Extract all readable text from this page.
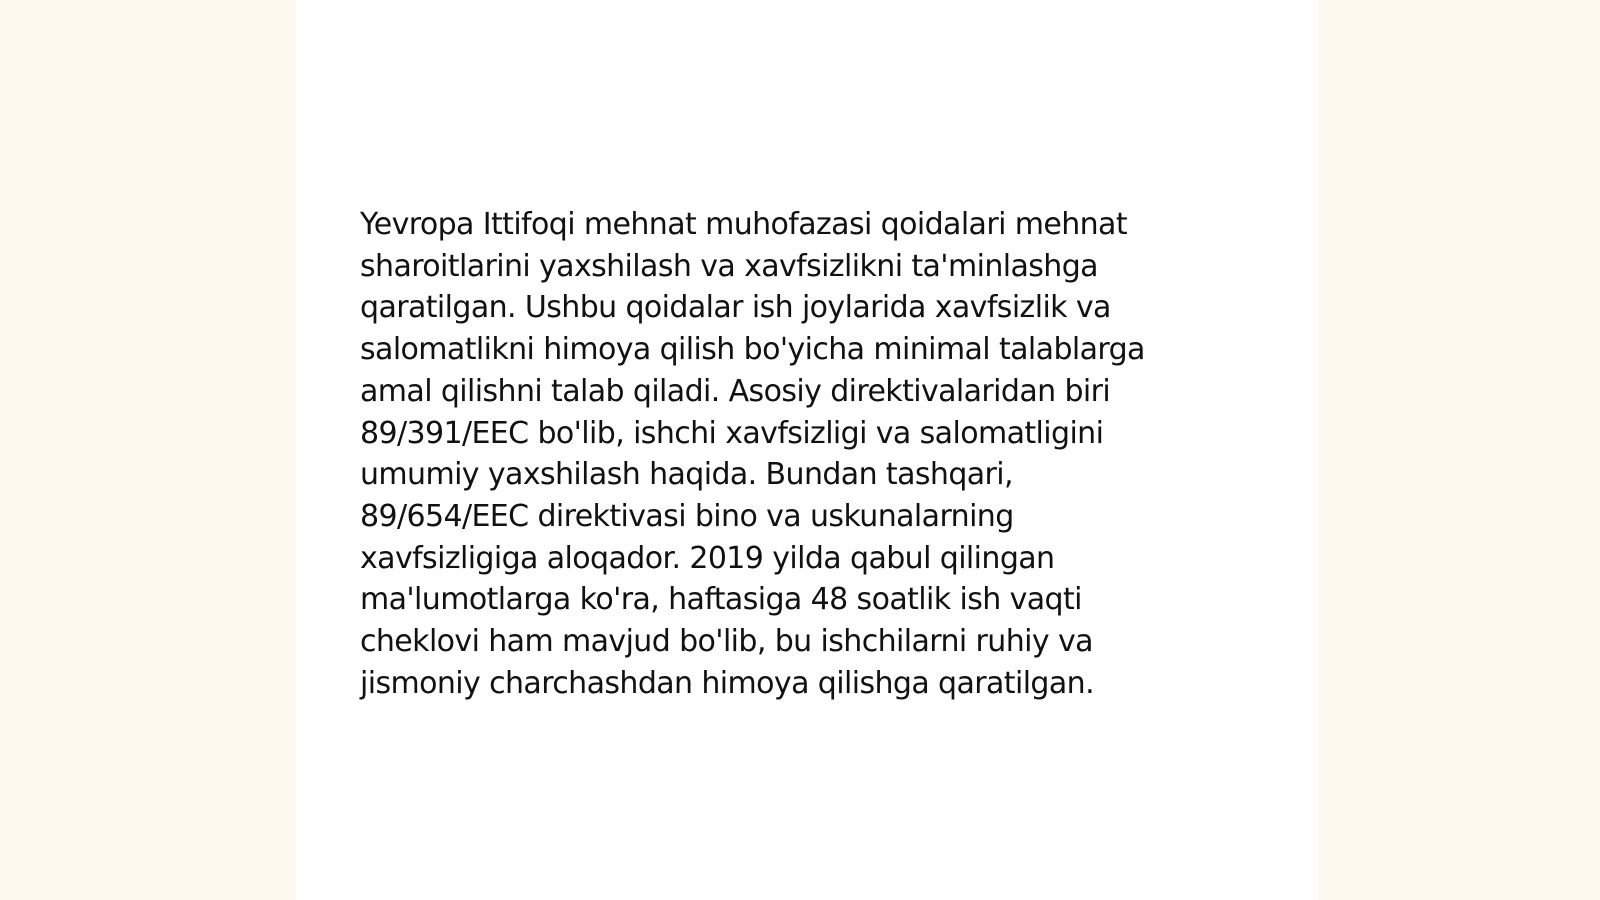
Yevropa Ittifoqi mehnat muhofazasi qoidalari mehnat
sharoitlarini yaxshilash va xavfsizlikni ta'minlashga
qaratilgan. Ushbu qoidalar ish joylarida xavfsizlik va
salomatlikni himoya qilish bo'yicha minimal talablarga
amal qilishni talab qiladi. Asosiy direktivalaridan biri
89/391/EEC bo'lib, ishchi xavfsizligi va salomatligini
umumiy yaxshilash haqida. Bundan tashqari,
89/654/EEC direktivasi bino va uskunalarning
xavfsizligiga aloqador. 2019 yilda qabul qilingan
ma'lumotlarga ko'ra, haftasiga 48 soatlik ish vaqti
cheklovi ham mavjud bo'lib, bu ishchilarni ruhiy va
jismoniy charchashdan himoya qilishga qaratilgan.
